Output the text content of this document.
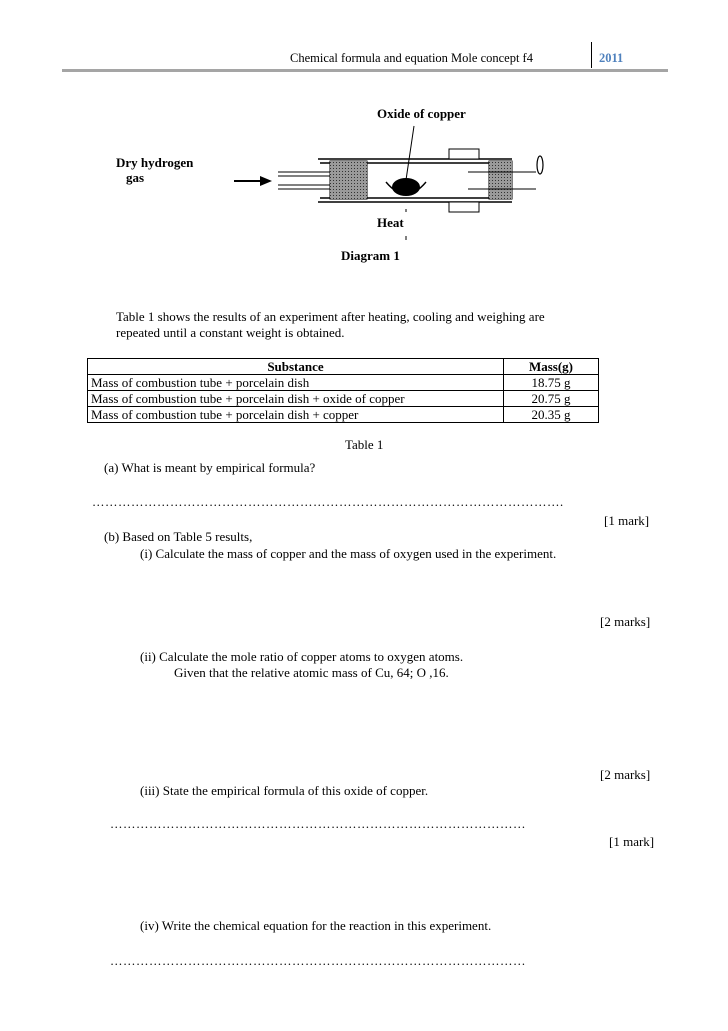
Chemical formula and equation Mole concept f4	2011
Oxide of copper
Dry hydrogen
gas
Heat
Diagram 1
Table 1 shows the results of an experiment after heating, cooling and weighing are
repeated until a constant weight is obtained.
Substance	Mass(g)
Mass of combustion tube + porcelain dish	18.75 g
Mass of combustion tube + porcelain dish + oxide of copper	20.75 g
Mass of combustion tube + porcelain dish + copper	20.35 g
Table 1
(a) What is meant by empirical formula?
……………………………………………………………………………………………….
[1 mark]
(b) Based on Table 5 results,
(i) Calculate the mass of copper and the mass of oxygen used in the experiment.
[2 marks]
(ii) Calculate the mole ratio of copper atoms to oxygen atoms.
Given that the relative atomic mass of Cu, 64; O ,16.
[2 marks]
(iii) State the empirical formula of this oxide of copper.
……………………………………………………………………………………
[1 mark]
(iv) Write the chemical equation for the reaction in this experiment.
……………………………………………………………………………………
